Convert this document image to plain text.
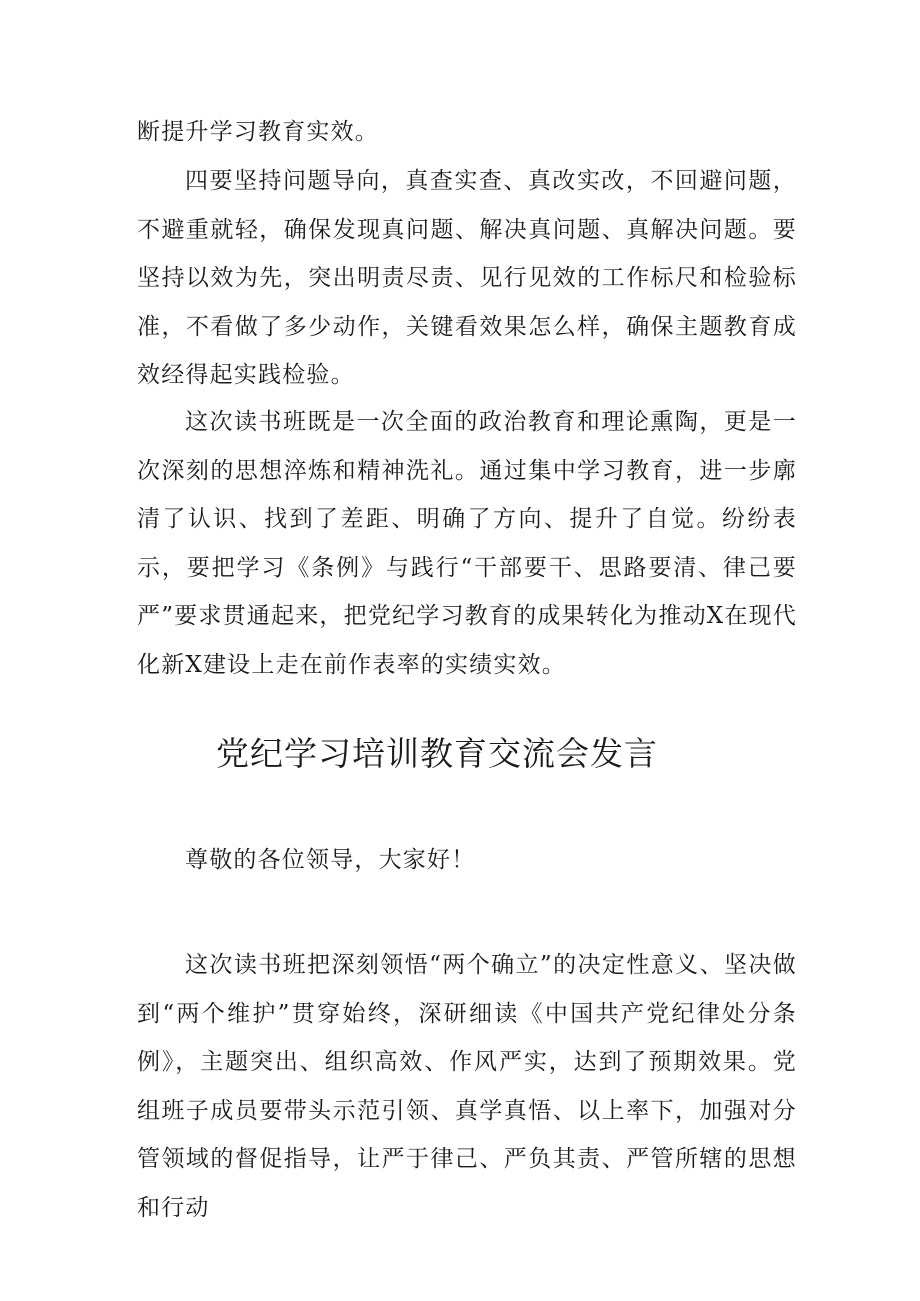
断提升学习教育实效。

四要坚持问题导向，真查实查、真改实改，不回避问题，不避重就轻，确保发现真问题、解决真问题、真解决问题。要坚持以效为先，突出明责尽责、见行见效的工作标尺和检验标准，不看做了多少动作，关键看效果怎么样，确保主题教育成效经得起实践检验。

这次读书班既是一次全面的政治教育和理论熏陶，更是一次深刻的思想淬炼和精神洗礼。通过集中学习教育，进一步廓清了认识、找到了差距、明确了方向、提升了自觉。纷纷表示，要把学习《条例》与践行“干部要干、思路要清、律己要严”要求贯通起来，把党纪学习教育的成果转化为推动X在现代化新X建设上走在前作表率的实绩实效。

党纪学习培训教育交流会发言

尊敬的各位领导，大家好！

这次读书班把深刻领悟“两个确立”的决定性意义、坚决做到“两个维护”贯穿始终，深研细读《中国共产党纪律处分条例》，主题突出、组织高效、作风严实，达到了预期效果。党组班子成员要带头示范引领、真学真悟、以上率下，加强对分管领域的督促指导，让严于律己、严负其责、严管所辖的思想和行动
